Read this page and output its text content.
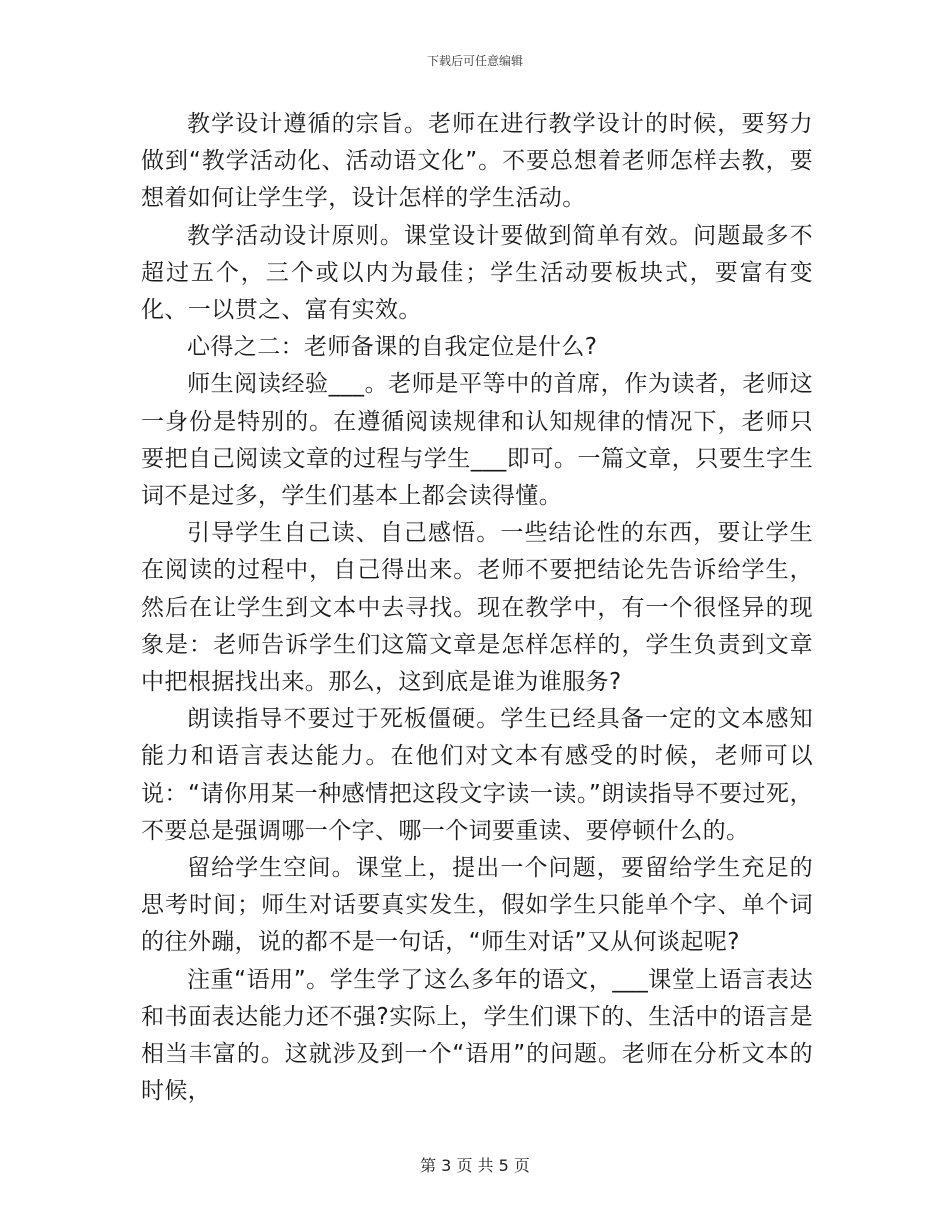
下载后可任意编辑

教学设计遵循的宗旨。老师在进行教学设计的时候，要努力做到“教学活动化、活动语文化”。不要总想着老师怎样去教，要想着如何让学生学，设计怎样的学生活动。

教学活动设计原则。课堂设计要做到简单有效。问题最多不超过五个，三个或以内为最佳；学生活动要板块式，要富有变化、一以贯之、富有实效。

心得之二：老师备课的自我定位是什么?

师生阅读经验___。老师是平等中的首席，作为读者，老师这一身份是特别的。在遵循阅读规律和认知规律的情况下，老师只要把自己阅读文章的过程与学生___即可。一篇文章，只要生字生词不是过多，学生们基本上都会读得懂。

引导学生自己读、自己感悟。一些结论性的东西，要让学生在阅读的过程中，自己得出来。老师不要把结论先告诉给学生，然后在让学生到文本中去寻找。现在教学中，有一个很怪异的现象是：老师告诉学生们这篇文章是怎样怎样的，学生负责到文章中把根据找出来。那么，这到底是谁为谁服务?

朗读指导不要过于死板僵硬。学生已经具备一定的文本感知能力和语言表达能力。在他们对文本有感受的时候，老师可以说：“请你用某一种感情把这段文字读一读。”朗读指导不要过死，不要总是强调哪一个字、哪一个词要重读、要停顿什么的。

留给学生空间。课堂上，提出一个问题，要留给学生充足的思考时间；师生对话要真实发生，假如学生只能单个字、单个词的往外蹦，说的都不是一句话，“师生对话”又从何谈起呢?

注重“语用”。学生学了这么多年的语文，___课堂上语言表达和书面表达能力还不强?实际上，学生们课下的、生活中的语言是相当丰富的。这就涉及到一个“语用”的问题。老师在分析文本的时候，

第 3 页 共 5 页
